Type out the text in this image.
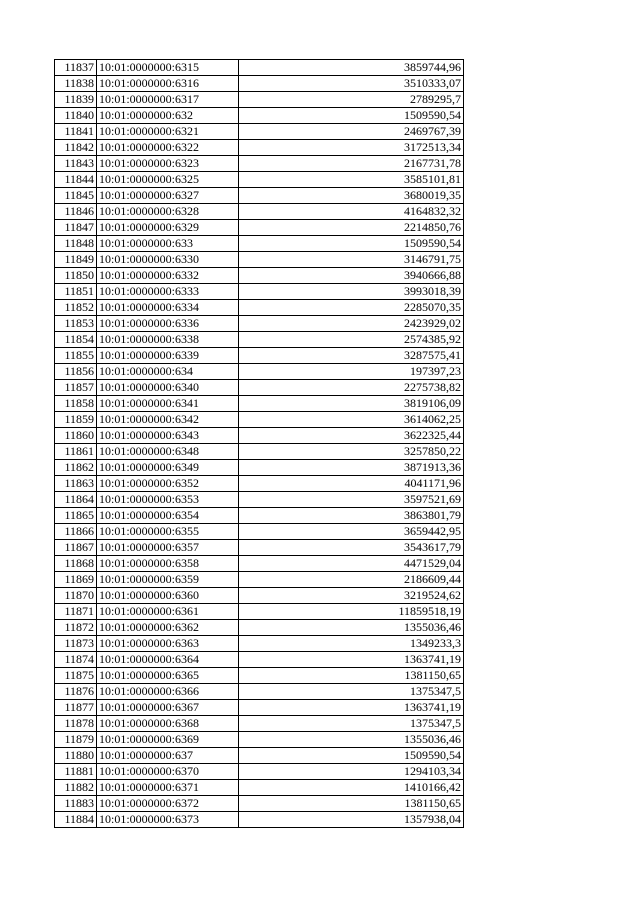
11837	10:01:0000000:6315	3859744,96
11838	10:01:0000000:6316	3510333,07
11839	10:01:0000000:6317	2789295,7
11840	10:01:0000000:632	1509590,54
11841	10:01:0000000:6321	2469767,39
11842	10:01:0000000:6322	3172513,34
11843	10:01:0000000:6323	2167731,78
11844	10:01:0000000:6325	3585101,81
11845	10:01:0000000:6327	3680019,35
11846	10:01:0000000:6328	4164832,32
11847	10:01:0000000:6329	2214850,76
11848	10:01:0000000:633	1509590,54
11849	10:01:0000000:6330	3146791,75
11850	10:01:0000000:6332	3940666,88
11851	10:01:0000000:6333	3993018,39
11852	10:01:0000000:6334	2285070,35
11853	10:01:0000000:6336	2423929,02
11854	10:01:0000000:6338	2574385,92
11855	10:01:0000000:6339	3287575,41
11856	10:01:0000000:634	197397,23
11857	10:01:0000000:6340	2275738,82
11858	10:01:0000000:6341	3819106,09
11859	10:01:0000000:6342	3614062,25
11860	10:01:0000000:6343	3622325,44
11861	10:01:0000000:6348	3257850,22
11862	10:01:0000000:6349	3871913,36
11863	10:01:0000000:6352	4041171,96
11864	10:01:0000000:6353	3597521,69
11865	10:01:0000000:6354	3863801,79
11866	10:01:0000000:6355	3659442,95
11867	10:01:0000000:6357	3543617,79
11868	10:01:0000000:6358	4471529,04
11869	10:01:0000000:6359	2186609,44
11870	10:01:0000000:6360	3219524,62
11871	10:01:0000000:6361	11859518,19
11872	10:01:0000000:6362	1355036,46
11873	10:01:0000000:6363	1349233,3
11874	10:01:0000000:6364	1363741,19
11875	10:01:0000000:6365	1381150,65
11876	10:01:0000000:6366	1375347,5
11877	10:01:0000000:6367	1363741,19
11878	10:01:0000000:6368	1375347,5
11879	10:01:0000000:6369	1355036,46
11880	10:01:0000000:637	1509590,54
11881	10:01:0000000:6370	1294103,34
11882	10:01:0000000:6371	1410166,42
11883	10:01:0000000:6372	1381150,65
11884	10:01:0000000:6373	1357938,04
